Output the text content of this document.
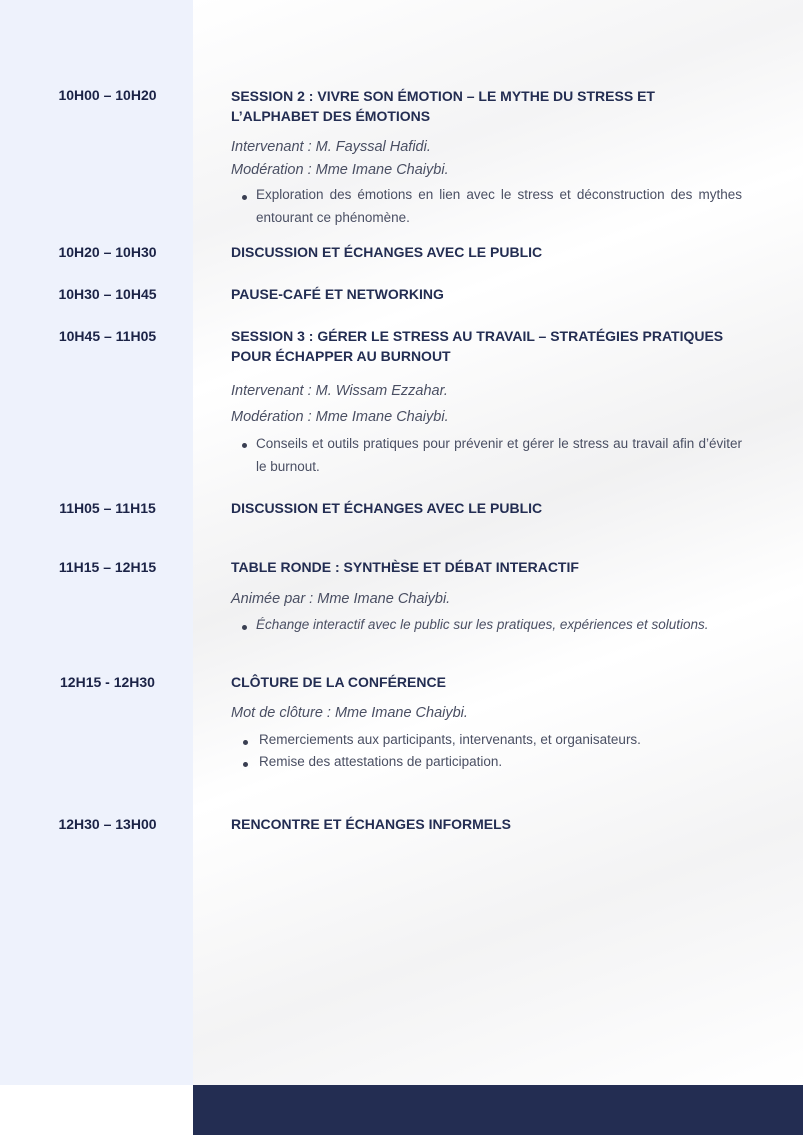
10H00 – 10H20	SESSION 2 : VIVRE SON ÉMOTION – LE MYTHE DU STRESS ET L’ALPHABET DES ÉMOTIONS
Intervenant : M. Fayssal Hafidi.
Modération : Mme Imane Chaiybi.
Exploration des émotions en lien avec le stress et déconstruction des mythes entourant ce phénomène.
10H20 – 10H30	DISCUSSION ET ÉCHANGES AVEC LE PUBLIC
10H30 – 10H45	PAUSE-CAFÉ ET NETWORKING
10H45 – 11H05	SESSION 3 : GÉRER LE STRESS AU TRAVAIL – STRATÉGIES PRATIQUES POUR ÉCHAPPER AU BURNOUT
Intervenant : M. Wissam Ezzahar.
Modération : Mme Imane Chaiybi.
Conseils et outils pratiques pour prévenir et gérer le stress au travail afin d’éviter le burnout.
11H05 – 11H15	DISCUSSION ET ÉCHANGES AVEC LE PUBLIC
11H15 – 12H15	TABLE RONDE : SYNTHÈSE ET DÉBAT INTERACTIF
Animée par : Mme Imane Chaiybi.
Échange interactif avec le public sur les pratiques, expériences et solutions.
12H15 - 12H30	CLÔTURE DE LA CONFÉRENCE
Mot de clôture : Mme Imane Chaiybi.
Remerciements aux participants, intervenants, et organisateurs.
Remise des attestations de participation.
12H30 – 13H00	RENCONTRE ET ÉCHANGES INFORMELS
